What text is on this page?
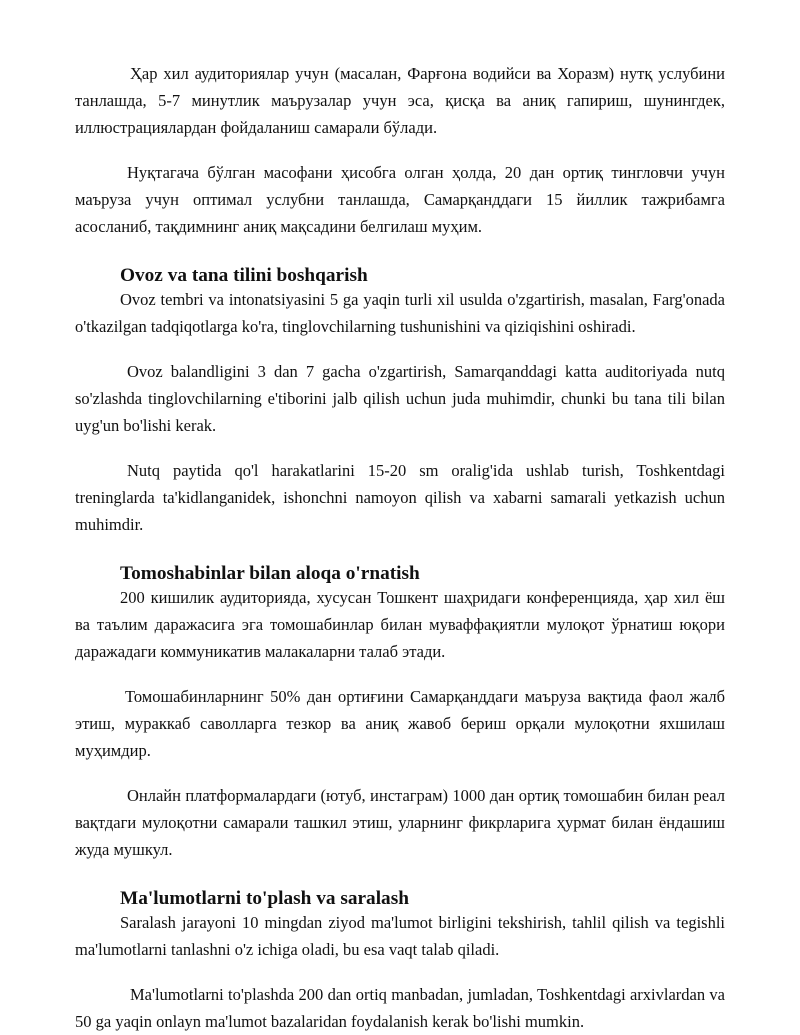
Ҳар хил аудиториялар учун (масалан, Фарғона водийси ва Хоразм) нутқ услубини танлашда, 5-7 минутлик маърузалар учун эса, қисқа ва аниқ гапириш, шунингдек, иллюстрациялардан фойдаланиш самарали бўлади.

Нуқтагача бўлган масофани ҳисобга олган ҳолда, 20 дан ортиқ тингловчи учун маъруза учун оптимал услубни танлашда, Самарқанддаги 15 йиллик тажрибамга асосланиб, тақдимнинг аниқ мақсадини белгилаш муҳим.

Ovoz va tana tilini boshqarish

Ovoz tembri va intonatsiyasini 5 ga yaqin turli xil usulda o'zgartirish, masalan, Farg'onada o'tkazilgan tadqiqotlarga ko'ra, tinglovchilarning tushunishini va qiziqishini oshiradi.

Ovoz balandligini 3 dan 7 gacha o'zgartirish, Samarqanddagi katta auditoriyada nutq so'zlashda tinglovchilarning e'tiborini jalb qilish uchun juda muhimdir, chunki bu tana tili bilan uyg'un bo'lishi kerak.

Nutq paytida qo'l harakatlarini 15-20 sm oralig'ida ushlab turish, Toshkentdagi treninglarda ta'kidlanganidek, ishonchni namoyon qilish va xabarni samarali yetkazish uchun muhimdir.

Tomoshabinlar bilan aloqa o'rnatish

200 кишилик аудиторияда, хусусан Тошкент шаҳридаги конференцияда, ҳар хил ёш ва таълим даражасига эга томошабинлар билан муваффақиятли мулоқот ўрнатиш юқори даражадаги коммуникатив малакаларни талаб этади.

Томошабинларнинг 50% дан ортиғини Самарқанддаги маъруза вақтида фаол жалб этиш, мураккаб саволларга тезкор ва аниқ жавоб бериш орқали мулоқотни яхшилаш муҳимдир.

Онлайн платформалардаги (ютуб, инстаграм) 1000 дан ортиқ томошабин билан реал вақтдаги мулоқотни самарали ташкил этиш, уларнинг фикрларига ҳурмат билан ёндашиш жуда мушкул.

Ma'lumotlarni to'plash va saralash

Saralash jarayoni 10 mingdan ziyod ma'lumot birligini tekshirish, tahlil qilish va tegishli ma'lumotlarni tanlashni o'z ichiga oladi, bu esa vaqt talab qiladi.

Ma'lumotlarni to'plashda 200 dan ortiq manbadan, jumladan, Toshkentdagi arxivlardan va 50 ga yaqin onlayn ma'lumot bazalaridan foydalanish kerak bo'lishi mumkin.
